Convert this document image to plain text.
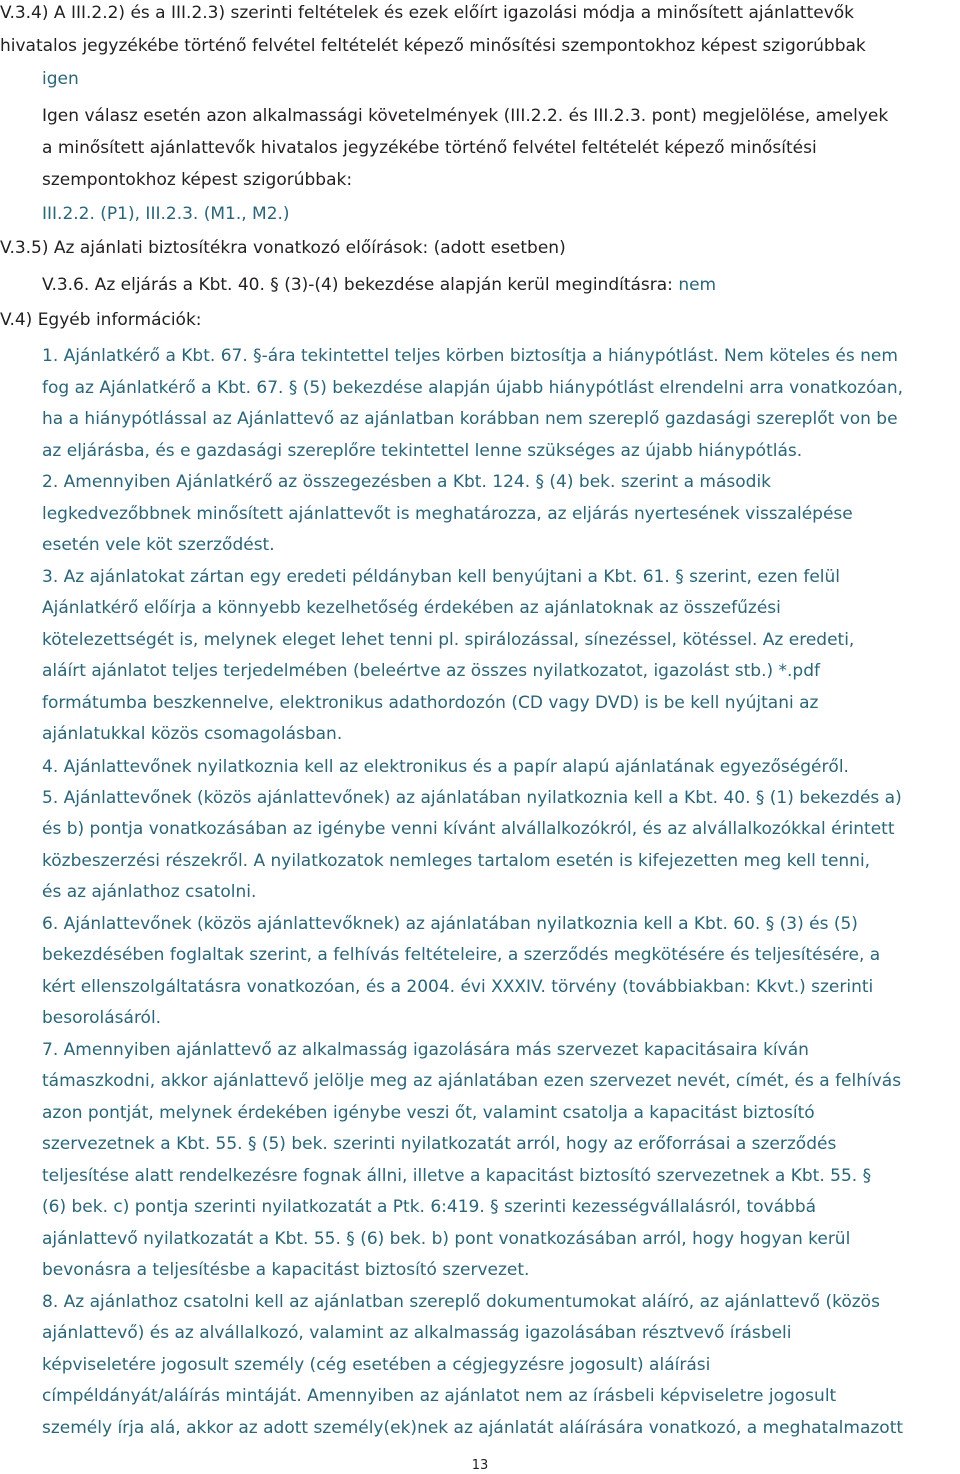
V.3.4) A III.2.2) és a III.2.3) szerinti feltételek és ezek előírt igazolási módja a minősített ajánlattevők
hivatalos jegyzékébe történő felvétel feltételét képező minősítési szempontokhoz képest szigorúbbak
igen
Igen válasz esetén azon alkalmassági követelmények (III.2.2. és III.2.3. pont) megjelölése, amelyek
a minősített ajánlattevők hivatalos jegyzékébe történő felvétel feltételét képező minősítési
szempontokhoz képest szigorúbbak:
III.2.2. (P1), III.2.3. (M1., M2.)
V.3.5) Az ajánlati biztosítékra vonatkozó előírások: (adott esetben)
V.3.6. Az eljárás a Kbt. 40. § (3)-(4) bekezdése alapján kerül megindításra: nem
V.4) Egyéb információk:
1. Ajánlatkérő a Kbt. 67. §-ára tekintettel teljes körben biztosítja a hiánypótlást. Nem köteles és nem
fog az Ajánlatkérő a Kbt. 67. § (5) bekezdése alapján újabb hiánypótlást elrendelni arra vonatkozóan,
ha a hiánypótlással az Ajánlattevő az ajánlatban korábban nem szereplő gazdasági szereplőt von be
az eljárásba, és e gazdasági szereplőre tekintettel lenne szükséges az újabb hiánypótlás.
2. Amennyiben Ajánlatkérő az összegezésben a Kbt. 124. § (4) bek. szerint a második
legkedvezőbbnek minősített ajánlattevőt is meghatározza, az eljárás nyertesének visszalépése
esetén vele köt szerződést.
3. Az ajánlatokat zártan egy eredeti példányban kell benyújtani a Kbt. 61. § szerint, ezen felül
Ajánlatkérő előírja a könnyebb kezelhetőség érdekében az ajánlatoknak az összefűzési
kötelezettségét is, melynek eleget lehet tenni pl. spirálozással, sínezéssel, kötéssel. Az eredeti,
aláírt ajánlatot teljes terjedelmében (beleértve az összes nyilatkozatot, igazolást stb.) *.pdf
formátumba beszkennelve, elektronikus adathordozón (CD vagy DVD) is be kell nyújtani az
ajánlatukkal közös csomagolásban.
4. Ajánlattevőnek nyilatkoznia kell az elektronikus és a papír alapú ajánlatának egyezőségéről.
5. Ajánlattevőnek (közös ajánlattevőnek) az ajánlatában nyilatkoznia kell a Kbt. 40. § (1) bekezdés a)
és b) pontja vonatkozásában az igénybe venni kívánt alvállalkozókról, és az alvállalkozókkal érintett
közbeszerzési részekről. A nyilatkozatok nemleges tartalom esetén is kifejezetten meg kell tenni,
és az ajánlathoz csatolni.
6. Ajánlattevőnek (közös ajánlattevőknek) az ajánlatában nyilatkoznia kell a Kbt. 60. § (3) és (5)
bekezdésében foglaltak szerint, a felhívás feltételeire, a szerződés megkötésére és teljesítésére, a
kért ellenszolgáltatásra vonatkozóan, és a 2004. évi XXXIV. törvény (továbbiakban: Kkvt.) szerinti
besorolásáról.
7. Amennyiben ajánlattevő az alkalmasság igazolására más szervezet kapacitásaira kíván
támaszkodni, akkor ajánlattevő jelölje meg az ajánlatában ezen szervezet nevét, címét, és a felhívás
azon pontját, melynek érdekében igénybe veszi őt, valamint csatolja a kapacitást biztosító
szervezetnek a Kbt. 55. § (5) bek. szerinti nyilatkozatát arról, hogy az erőforrásai a szerződés
teljesítése alatt rendelkezésre fognak állni, illetve a kapacitást biztosító szervezetnek a Kbt. 55. §
(6) bek. c) pontja szerinti nyilatkozatát a Ptk. 6:419. § szerinti kezességvállalásról, továbbá
ajánlattevő nyilatkozatát a Kbt. 55. § (6) bek. b) pont vonatkozásában arról, hogy hogyan kerül
bevonásra a teljesítésbe a kapacitást biztosító szervezet.
8. Az ajánlathoz csatolni kell az ajánlatban szereplő dokumentumokat aláíró, az ajánlattevő (közös
ajánlattevő) és az alvállalkozó, valamint az alkalmasság igazolásában résztvevő írásbeli
képviseletére jogosult személy (cég esetében a cégjegyzésre jogosult) aláírási
címpéldányát/aláírás mintáját. Amennyiben az ajánlatot nem az írásbeli képviseletre jogosult
személy írja alá, akkor az adott személy(ek)nek az ajánlatát aláírására vonatkozó, a meghatalmazott
13
